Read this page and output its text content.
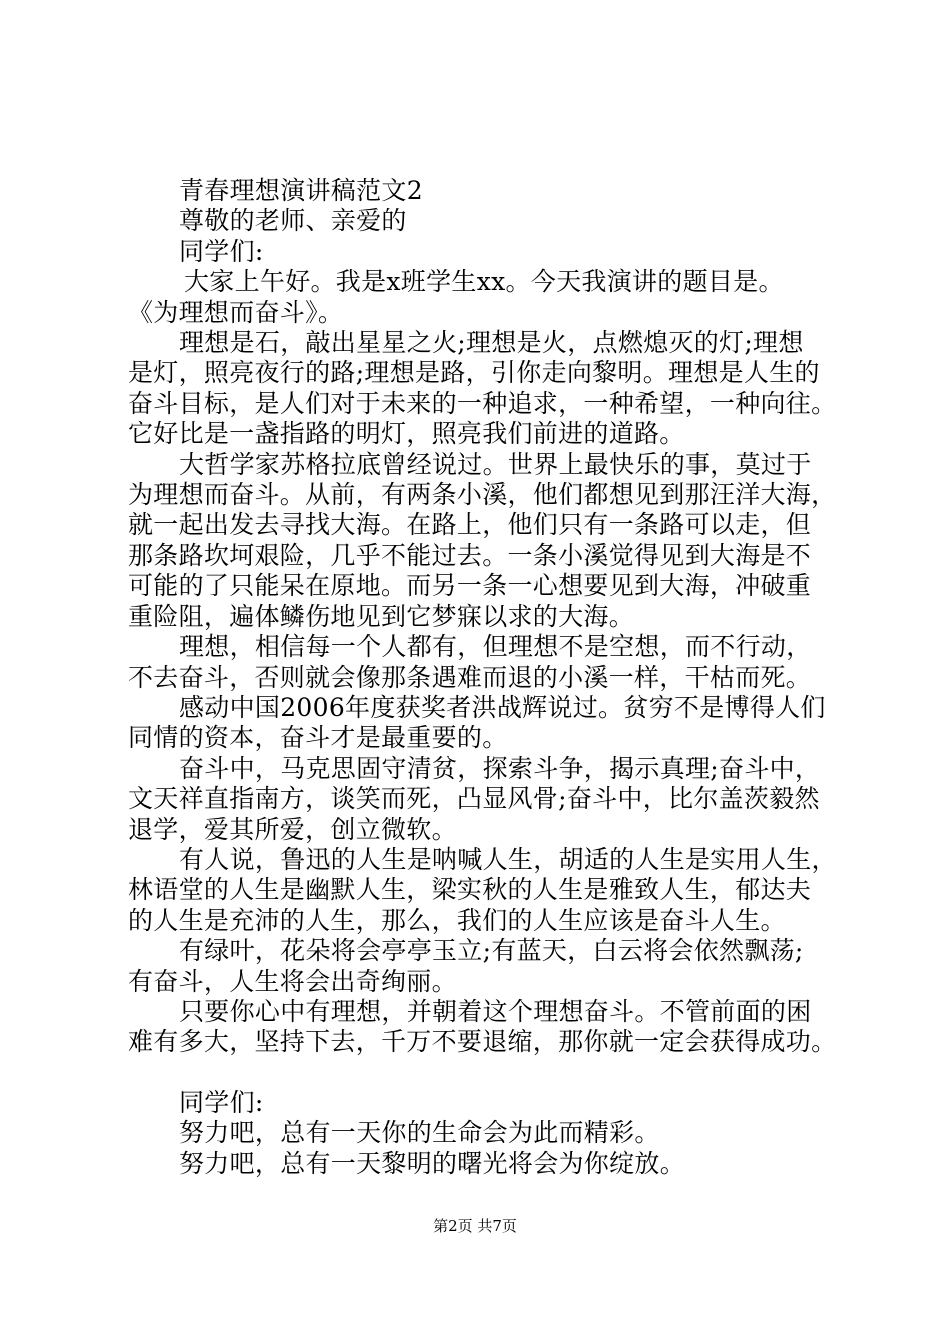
青春理想演讲稿范文2

尊敬的老师、亲爱的

同学们:

大家上午好。我是x班学生xx。今天我演讲的题目是。
《为理想而奋斗》。
理想是石，敲出星星之火;理想是火，点燃熄灭的灯;理想
是灯，照亮夜行的路;理想是路，引你走向黎明。理想是人生的
奋斗目标，是人们对于未来的一种追求，一种希望，一种向往。
它好比是一盏指路的明灯，照亮我们前进的道路。
大哲学家苏格拉底曾经说过。世界上最快乐的事，莫过于
为理想而奋斗。从前，有两条小溪，他们都想见到那汪洋大海，
就一起出发去寻找大海。在路上，他们只有一条路可以走，但
那条路坎坷艰险，几乎不能过去。一条小溪觉得见到大海是不
可能的了只能呆在原地。而另一条一心想要见到大海，冲破重
重险阻，遍体鳞伤地见到它梦寐以求的大海。
理想，相信每一个人都有，但理想不是空想，而不行动，
不去奋斗，否则就会像那条遇难而退的小溪一样，干枯而死。
感动中国2006年度获奖者洪战辉说过。贫穷不是博得人们
同情的资本，奋斗才是最重要的。
奋斗中，马克思固守清贫，探索斗争，揭示真理;奋斗中，
文天祥直指南方，谈笑而死，凸显风骨;奋斗中，比尔盖茨毅然
退学，爱其所爱，创立微软。
有人说，鲁迅的人生是呐喊人生，胡适的人生是实用人生，
林语堂的人生是幽默人生，梁实秋的人生是雅致人生，郁达夫
的人生是充沛的人生，那么，我们的人生应该是奋斗人生。
有绿叶，花朵将会亭亭玉立;有蓝天，白云将会依然飘荡;
有奋斗，人生将会出奇绚丽。
只要你心中有理想，并朝着这个理想奋斗。不管前面的困
难有多大，坚持下去，千万不要退缩，那你就一定会获得成功。

同学们:

努力吧，总有一天你的生命会为此而精彩。

努力吧，总有一天黎明的曙光将会为你绽放。

第2页 共7页
